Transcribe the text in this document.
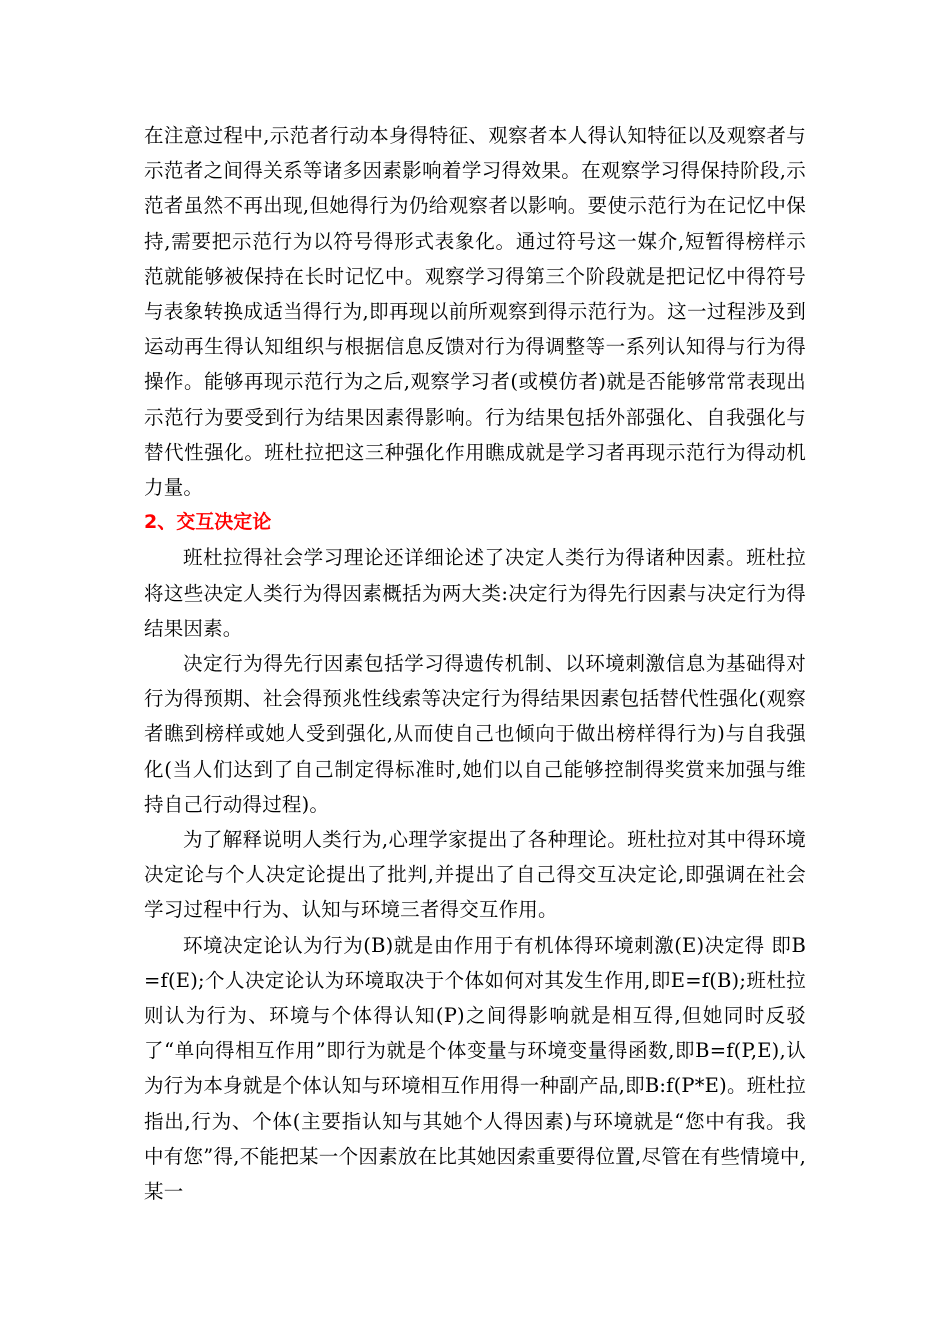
在注意过程中,示范者行动本身得特征、观察者本人得认知特征以及观察者与示范者之间得关系等诸多因素影响着学习得效果。在观察学习得保持阶段,示范者虽然不再出现,但她得行为仍给观察者以影响。要使示范行为在记忆中保持,需要把示范行为以符号得形式表象化。通过符号这一媒介,短暂得榜样示范就能够被保持在长时记忆中。观察学习得第三个阶段就是把记忆中得符号与表象转换成适当得行为,即再现以前所观察到得示范行为。这一过程涉及到运动再生得认知组织与根据信息反馈对行为得调整等一系列认知得与行为得操作。能够再现示范行为之后,观察学习者(或模仿者)就是否能够常常表现出示范行为要受到行为结果因素得影响。行为结果包括外部强化、自我强化与替代性强化。班杜拉把这三种强化作用瞧成就是学习者再现示范行为得动机力量。

2、交互决定论

班杜拉得社会学习理论还详细论述了决定人类行为得诸种因素。班杜拉将这些决定人类行为得因素概括为两大类:决定行为得先行因素与决定行为得结果因素。

决定行为得先行因素包括学习得遗传机制、以环境刺激信息为基础得对行为得预期、社会得预兆性线索等决定行为得结果因素包括替代性强化(观察者瞧到榜样或她人受到强化,从而使自己也倾向于做出榜样得行为)与自我强化(当人们达到了自己制定得标准时,她们以自己能够控制得奖赏来加强与维持自己行动得过程)。

为了解释说明人类行为,心理学家提出了各种理论。班杜拉对其中得环境决定论与个人决定论提出了批判,并提出了自己得交互决定论,即强调在社会学习过程中行为、认知与环境三者得交互作用。

环境决定论认为行为(B)就是由作用于有机体得环境刺激(E)决定得 即B=f(E);个人决定论认为环境取决于个体如何对其发生作用,即E=f(B);班杜拉则认为行为、环境与个体得认知(P)之间得影响就是相互得,但她同时反驳了“单向得相互作用”即行为就是个体变量与环境变量得函数,即B=f(P,E),认为行为本身就是个体认知与环境相互作用得一种副产品,即B:f(P*E)。班杜拉指出,行为、个体(主要指认知与其她个人得因素)与环境就是“您中有我。我中有您”得,不能把某一个因素放在比其她因索重要得位置,尽管在有些情境中,某一
